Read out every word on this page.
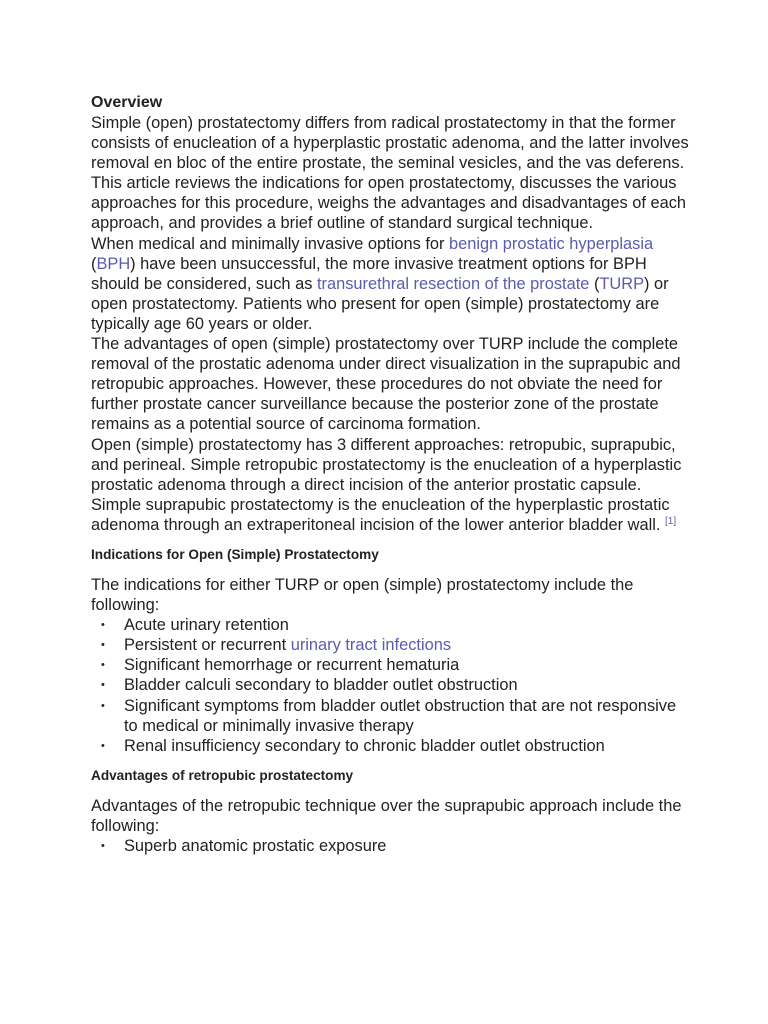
Overview

Simple (open) prostatectomy differs from radical prostatectomy in that the former consists of enucleation of a hyperplastic prostatic adenoma, and the latter involves removal en bloc of the entire prostate, the seminal vesicles, and the vas deferens. This article reviews the indications for open prostatectomy, discusses the various approaches for this procedure, weighs the advantages and disadvantages of each approach, and provides a brief outline of standard surgical technique.

When medical and minimally invasive options for benign prostatic hyperplasia (BPH) have been unsuccessful, the more invasive treatment options for BPH should be considered, such as transurethral resection of the prostate (TURP) or open prostatectomy. Patients who present for open (simple) prostatectomy are typically age 60 years or older.

The advantages of open (simple) prostatectomy over TURP include the complete removal of the prostatic adenoma under direct visualization in the suprapubic and retropubic approaches. However, these procedures do not obviate the need for further prostate cancer surveillance because the posterior zone of the prostate remains as a potential source of carcinoma formation.

Open (simple) prostatectomy has 3 different approaches: retropubic, suprapubic, and perineal. Simple retropubic prostatectomy is the enucleation of a hyperplastic prostatic adenoma through a direct incision of the anterior prostatic capsule. Simple suprapubic prostatectomy is the enucleation of the hyperplastic prostatic adenoma through an extraperitoneal incision of the lower anterior bladder wall. [1]

Indications for Open (Simple) Prostatectomy

The indications for either TURP or open (simple) prostatectomy include the following:

• Acute urinary retention
• Persistent or recurrent urinary tract infections
• Significant hemorrhage or recurrent hematuria
• Bladder calculi secondary to bladder outlet obstruction
• Significant symptoms from bladder outlet obstruction that are not responsive to medical or minimally invasive therapy
• Renal insufficiency secondary to chronic bladder outlet obstruction
Advantages of retropubic prostatectomy

Advantages of the retropubic technique over the suprapubic approach include the following:

• Superb anatomic prostatic exposure
